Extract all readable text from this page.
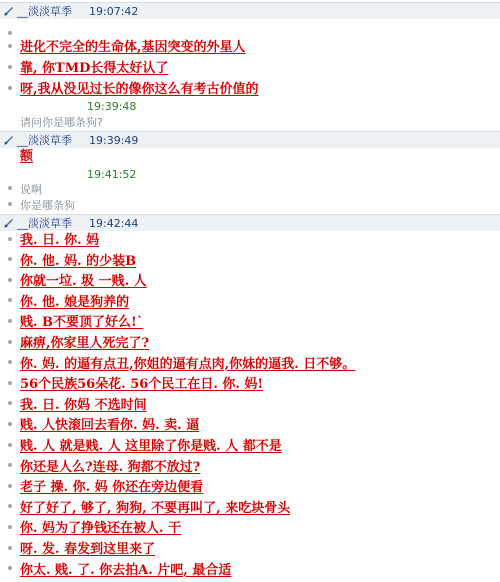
__淡淡草季 19:07:42
进化不完全的生命体,基因突变的外星人
靠, 你TMD长得太好认了
呀,我从没见过长的像你这么有考古价值的
19:39:48
请问你是哪条狗?
__淡淡草季 19:39:49
额
19:41:52
说啊
你是哪条狗
__淡淡草季 19:42:44
我. 日. 你. 妈
你. 他. 妈. 的少装B
你就一垃. 圾 一贱. 人
你. 他. 娘是狗养的
贱. B不要顶了好么!`
麻痹,你家里人死完了?
你. 妈. 的逼有点丑,你姐的逼有点肉,你妹的逼我. 日不够。
56个民族56朵花. 56个民工在日. 你. 妈!
我. 日. 你妈 不选时间
贱. 人快滚回去看你. 妈. 卖. 逼
贱. 人 就是贱. 人 这里除了你是贱. 人 都不是
你还是人么?连母. 狗都不放过?
老子 操. 你. 妈 你还在旁边便看
好了好了, 够了, 狗狗, 不要再叫了, 来吃块骨头
你. 妈为了挣钱还在被人. 干
呀. 发. 春发到这里来了
你太. 贱. 了. 你去拍A. 片吧, 最合适
